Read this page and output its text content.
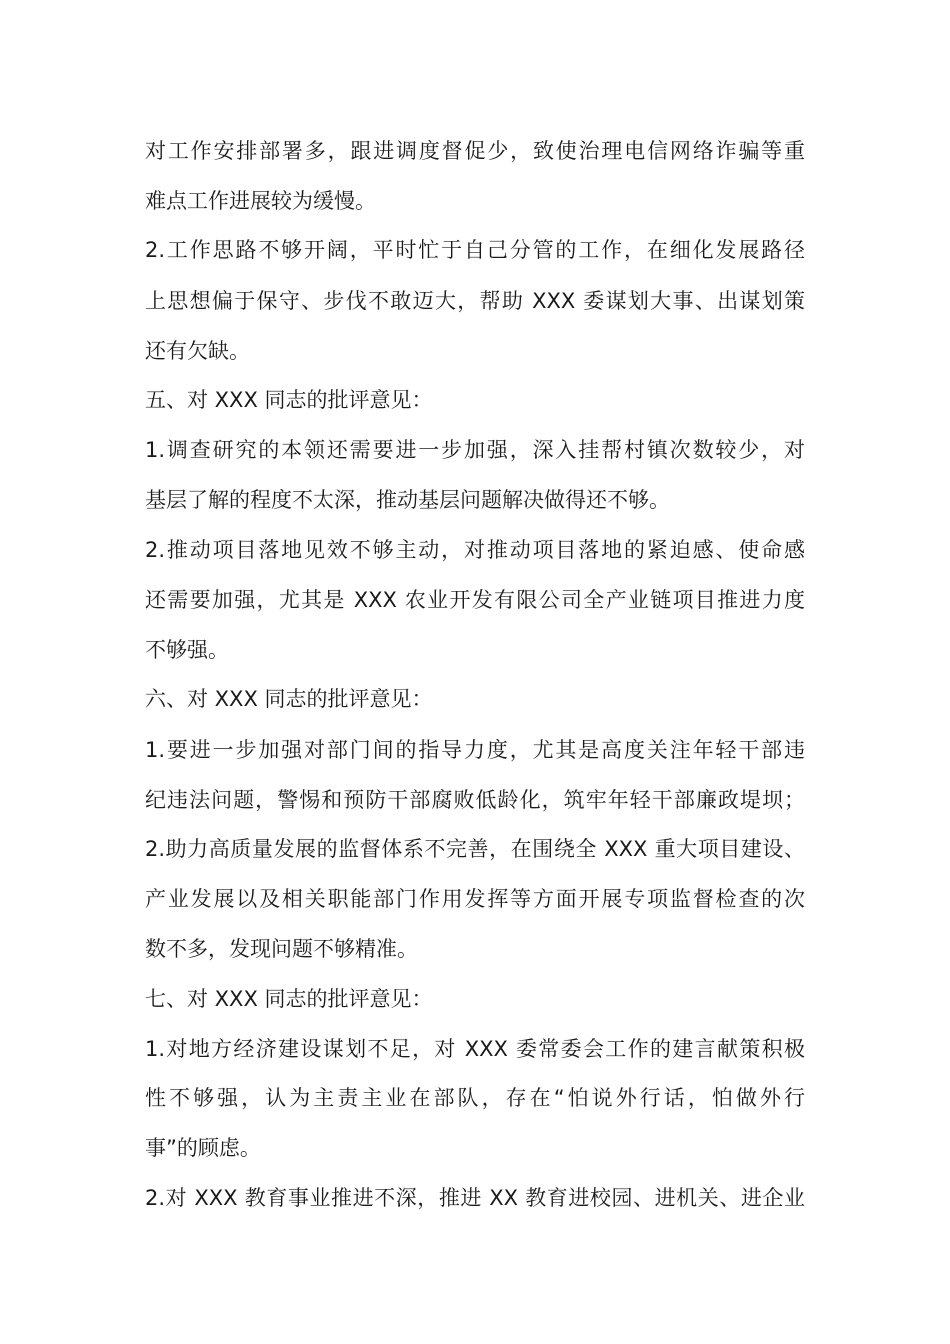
对工作安排部署多，跟进调度督促少，致使治理电信网络诈骗等重
难点工作进展较为缓慢。
2.工作思路不够开阔，平时忙于自己分管的工作，在细化发展路径
上思想偏于保守、步伐不敢迈大，帮助 XXX 委谋划大事、出谋划策
还有欠缺。
五、对 XXX 同志的批评意见：
1.调查研究的本领还需要进一步加强，深入挂帮村镇次数较少，对
基层了解的程度不太深，推动基层问题解决做得还不够。
2.推动项目落地见效不够主动，对推动项目落地的紧迫感、使命感
还需要加强，尤其是 XXX 农业开发有限公司全产业链项目推进力度
不够强。
六、对 XXX 同志的批评意见：
1.要进一步加强对部门间的指导力度，尤其是高度关注年轻干部违
纪违法问题，警惕和预防干部腐败低龄化，筑牢年轻干部廉政堤坝；
2.助力高质量发展的监督体系不完善，在围绕全 XXX 重大项目建设、
产业发展以及相关职能部门作用发挥等方面开展专项监督检查的次
数不多，发现问题不够精准。
七、对 XXX 同志的批评意见：
1.对地方经济建设谋划不足，对 XXX 委常委会工作的建言献策积极
性不够强，认为主责主业在部队，存在“怕说外行话，怕做外行
事”的顾虑。
2.对 XXX 教育事业推进不深，推进 XX 教育进校园、进机关、进企业
